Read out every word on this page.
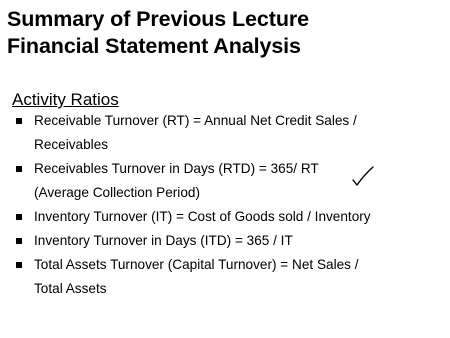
Summary of Previous Lecture
Financial Statement Analysis
Activity Ratios
Receivable Turnover (RT) = Annual Net Credit Sales /
Receivables
Receivables Turnover in Days (RTD) = 365/ RT
(Average Collection Period)
Inventory Turnover (IT) = Cost of Goods sold / Inventory
Inventory Turnover in Days (ITD) = 365 / IT
Total Assets Turnover (Capital Turnover) = Net Sales /
Total Assets
